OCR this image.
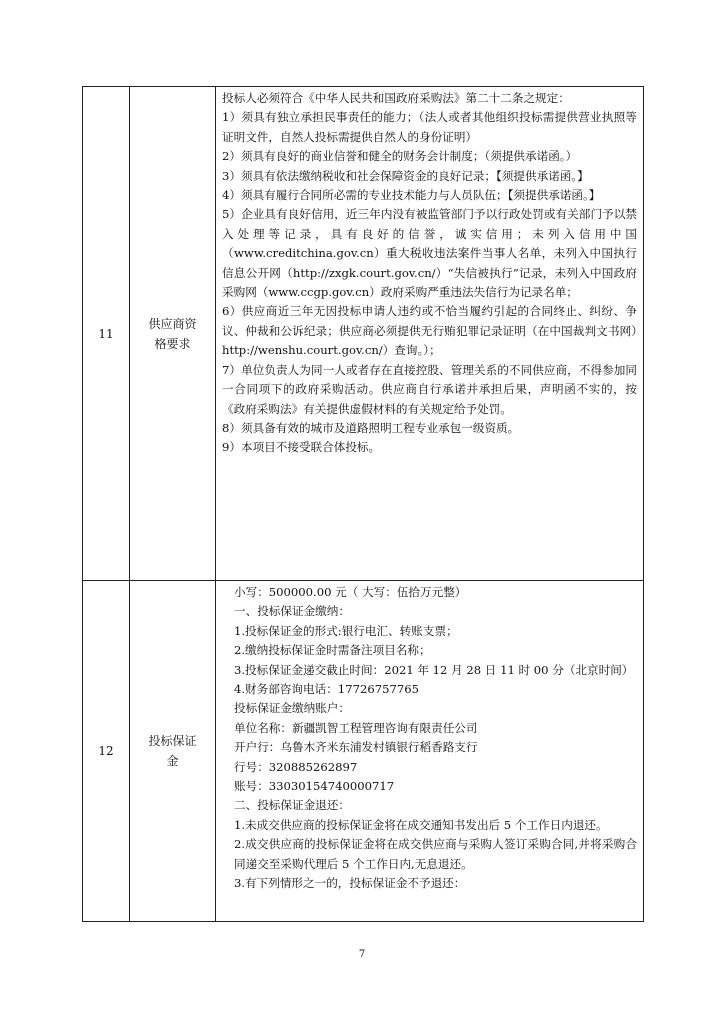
11
供应商资格要求

投标人必须符合《中华人民共和国政府采购法》第二十二条之规定：

1）须具有独立承担民事责任的能力；（法人或者其他组织投标需提供营业执照等证明文件，自然人投标需提供自然人的身份证明）

2）须具有良好的商业信誉和健全的财务会计制度；（须提供承诺函。）

3）须具有依法缴纳税收和社会保障资金的良好记录；【须提供承诺函。】

4）须具有履行合同所必需的专业技术能力与人员队伍；【须提供承诺函。】

5）企业具有良好信用，近三年内没有被监管部门予以行政处罚或有关部门予以禁入处理等记录，具有良好的信誉，诚实信用；未列入信用中国（www.creditchina.gov.cn）重大税收违法案件当事人名单，未列入中国执行信息公开网（http://zxgk.court.gov.cn/）“失信被执行”记录，未列入中国政府采购网（www.ccgp.gov.cn）政府采购严重违法失信行为记录名单；

6）供应商近三年无因投标申请人违约或不恰当履约引起的合同终止、纠纷、争议、仲裁和公诉纪录；供应商必须提供无行贿犯罪记录证明（在中国裁判文书网）http://wenshu.court.gov.cn/）查询。）；

7）单位负责人为同一人或者存在直接控股、管理关系的不同供应商，不得参加同一合同项下的政府采购活动。供应商自行承诺并承担后果，声明函不实的，按《政府采购法》有关提供虚假材料的有关规定给予处罚。

8）须具备有效的城市及道路照明工程专业承包一级资质。

9）本项目不接受联合体投标。

12
投标保证金

小写：500000.00 元（ 大写：伍拾万元整）

一、投标保证金缴纳：

1.投标保证金的形式:银行电汇、转账支票；

2.缴纳投标保证金时需备注项目名称；

3.投标保证金递交截止时间：2021 年 12 月 28 日 11 时 00 分（北京时间）

4.财务部咨询电话：17726757765

投标保证金缴纳账户：

单位名称：新疆凯智工程管理咨询有限责任公司

开户行：乌鲁木齐米东浦发村镇银行稻香路支行

行号：320885262897

账号：33030154740000717

二、投标保证金退还：

1.未成交供应商的投标保证金将在成交通知书发出后 5 个工作日内退还。

2.成交供应商的投标保证金将在成交供应商与采购人签订采购合同,并将采购合同递交至采购代理后 5 个工作日内,无息退还。

3.有下列情形之一的，投标保证金不予退还：

7
